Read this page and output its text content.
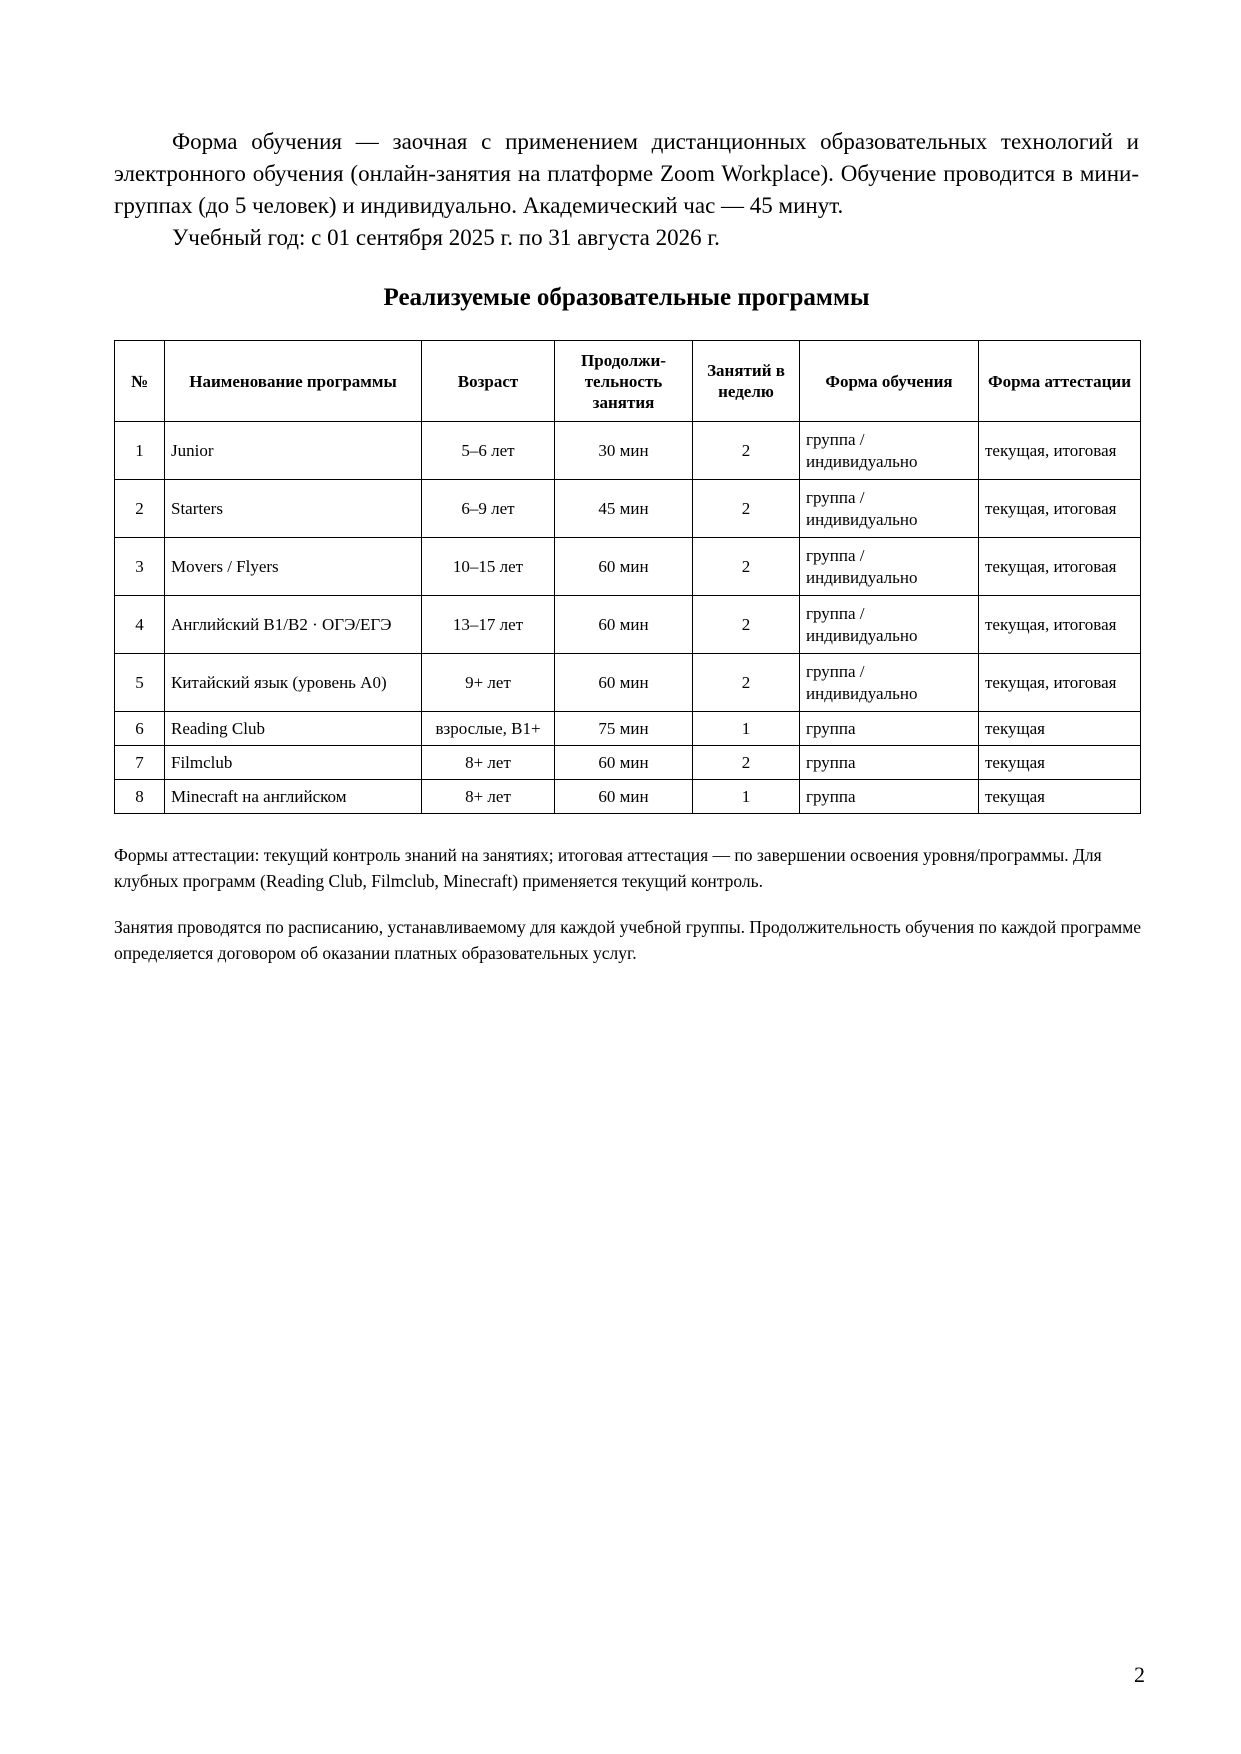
Форма обучения — заочная с применением дистанционных образовательных технологий и электронного обучения (онлайн-занятия на платформе Zoom Workplace). Обучение проводится в мини-группах (до 5 человек) и индивидуально. Академический час — 45 минут.

Учебный год: с 01 сентября 2025 г. по 31 августа 2026 г.

Реализуемые образовательные программы
№	Наименование программы	Возраст	Продолжи-тельность занятия	Занятий в неделю	Форма обучения	Форма аттестации
1	Junior	5–6 лет	30 мин	2	группа / индивидуально	текущая, итоговая
2	Starters	6–9 лет	45 мин	2	группа / индивидуально	текущая, итоговая
3	Movers / Flyers	10–15 лет	60 мин	2	группа / индивидуально	текущая, итоговая
4	Английский B1/B2 · ОГЭ/ЕГЭ	13–17 лет	60 мин	2	группа / индивидуально	текущая, итоговая
5	Китайский язык (уровень A0)	9+ лет	60 мин	2	группа / индивидуально	текущая, итоговая
6	Reading Club	взрослые, B1+	75 мин	1	группа	текущая
7	Filmclub	8+ лет	60 мин	2	группа	текущая
8	Minecraft на английском	8+ лет	60 мин	1	группа	текущая

Формы аттестации: текущий контроль знаний на занятиях; итоговая аттестация — по завершении освоения уровня/программы. Для клубных программ (Reading Club, Filmclub, Minecraft) применяется текущий контроль.

Занятия проводятся по расписанию, устанавливаемому для каждой учебной группы. Продолжительность обучения по каждой программе определяется договором об оказании платных образовательных услуг.

2
